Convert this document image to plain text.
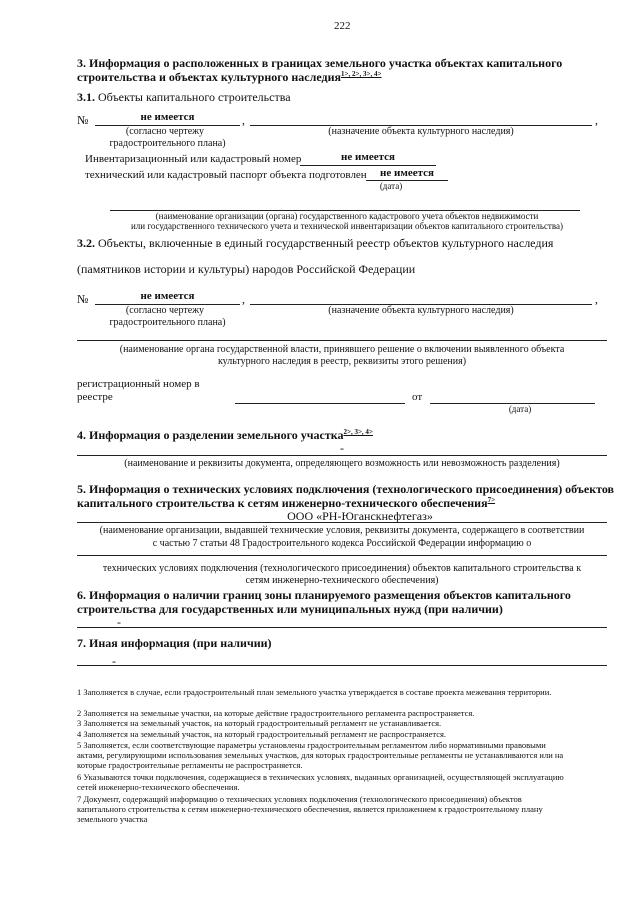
222
3. Информация о расположенных в границах земельного участка объектах капитального
строительства и объектах культурного наследия$^{1>, 2>, 3>, 4>}$
3.1. Объекты капитального строительства
№	не имеется	,	,
(согласно чертежу
градостроительного плана)
(назначение объекта культурного наследия)
Инвентаризационный или кадастровый номер	не имеется
технический или кадастровый паспорт объекта подготовлен	не имеется
(дата)
(наименование организации (органа) государственного кадастрового учета объектов недвижимости
или государственного технического учета и технической инвентаризации объектов капитального строительства)
3.2. Объекты, включенные в единый государственный реестр объектов культурного наследия
(памятников истории и культуры) народов Российской Федерации
№	не имеется	,	,
(согласно чертежу
градостроительного плана)
(назначение объекта культурного наследия)
(наименование органа государственной власти, принявшего решение о включении выявленного объекта
культурного наследия в реестр, реквизиты этого решения)
регистрационный номер в
реестре	от
(дата)
4. Информация о разделении земельного участка$^{2>, 3>, 4>}$
-
(наименование и реквизиты документа, определяющего возможность или невозможность разделения)
5. Информация о технических условиях подключения (технологического присоединения) объектов
капитального строительства к сетям инженерно-технического обеспечения$^{7>}$
ООО «РН-Юганскнефтегаз»
(наименование организации, выдавшей технические условия, реквизиты документа, содержащего в соответствии
с частью 7 статьи 48 Градостроительного кодекса Российской Федерации информацию о
технических условиях подключения (технологического присоединения) объектов капитального строительства к
сетям инженерно-технического обеспечения)
6. Информация о наличии границ зоны планируемого размещения объектов капитального
строительства для государственных или муниципальных нужд (при наличии)
-
7. Иная информация (при наличии)
-
1 Заполняется в случае, если градостроительный план земельного участка утверждается в составе проекта межевания территории.
2 Заполняется на земельные участки, на которые действие градостроительного регламента распространяется.
3 Заполняется на земельный участок, на который градостроительный регламент не устанавливается.
4 Заполняется на земельный участок, на который градостроительный регламент не распространяется.
5 Заполняется, если соответствующие параметры установлены градостроительным регламентом либо нормативными правовыми актами, регулирующими использования земельных участков, для которых градостроительные регламенты не устанавливаются или на которые градостроительные регламенты не распространяется.
6 Указываются точки подключения, содержащиеся в технических условиях, выданных организацией, осуществляющей эксплуатацию сетей инженерно-технического обеспечения.
7 Документ, содержащий информацию о технических условиях подключения (технологического присоединения) объектов капитального строительства к сетям инженерно-технического обеспечения, является приложением к градостроительному плану земельного участка
